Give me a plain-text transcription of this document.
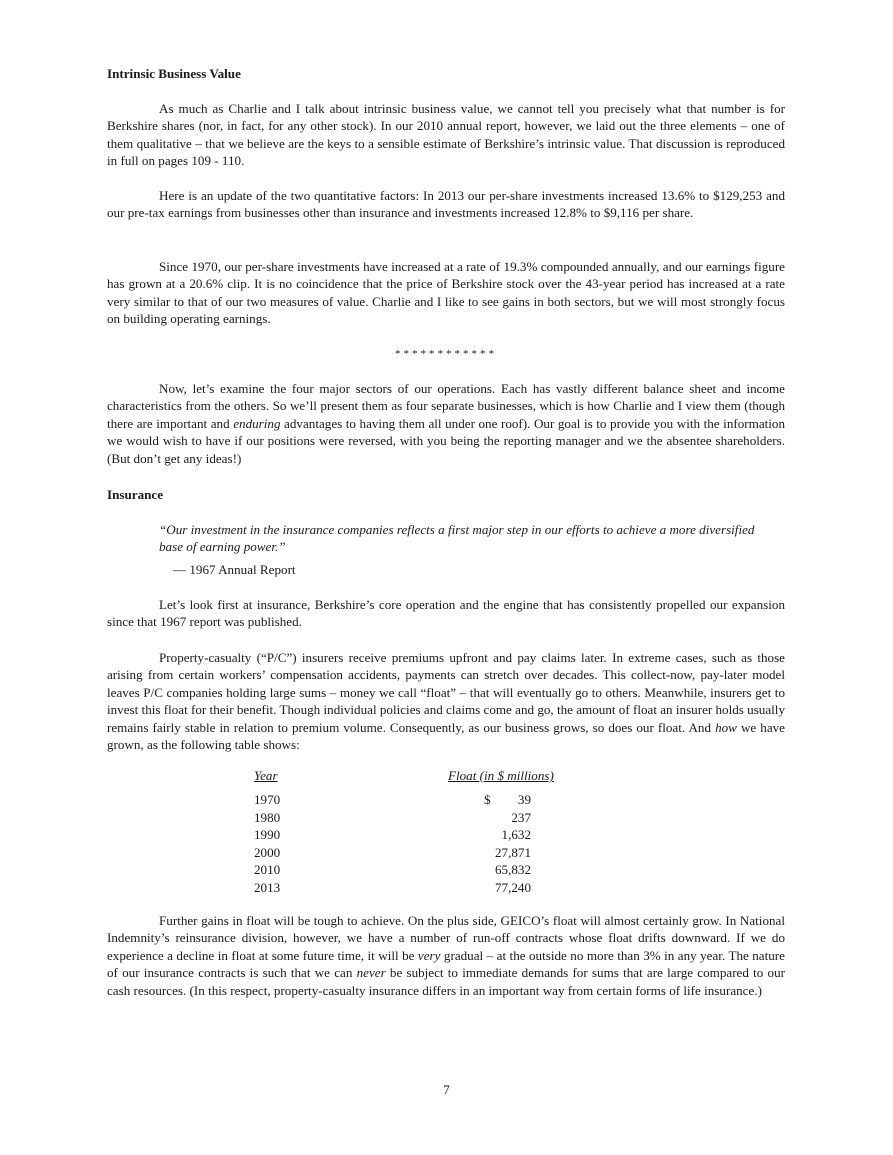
Intrinsic Business Value

As much as Charlie and I talk about intrinsic business value, we cannot tell you precisely what that number is for Berkshire shares (nor, in fact, for any other stock). In our 2010 annual report, however, we laid out the three elements – one of them qualitative – that we believe are the keys to a sensible estimate of Berkshire’s intrinsic value. That discussion is reproduced in full on pages 109 - 110.

Here is an update of the two quantitative factors: In 2013 our per-share investments increased 13.6% to $129,253 and our pre-tax earnings from businesses other than insurance and investments increased 12.8% to $9,116 per share.

Since 1970, our per-share investments have increased at a rate of 19.3% compounded annually, and our earnings figure has grown at a 20.6% clip. It is no coincidence that the price of Berkshire stock over the 43-year period has increased at a rate very similar to that of our two measures of value. Charlie and I like to see gains in both sectors, but we will most strongly focus on building operating earnings.

************

Now, let’s examine the four major sectors of our operations. Each has vastly different balance sheet and income characteristics from the others. So we’ll present them as four separate businesses, which is how Charlie and I view them (though there are important and enduring advantages to having them all under one roof). Our goal is to provide you with the information we would wish to have if our positions were reversed, with you being the reporting manager and we the absentee shareholders. (But don’t get any ideas!)

Insurance

“Our investment in the insurance companies reflects a first major step in our efforts to achieve a more diversified base of earning power.”

— 1967 Annual Report

Let’s look first at insurance, Berkshire’s core operation and the engine that has consistently propelled our expansion since that 1967 report was published.

Property-casualty (“P/C”) insurers receive premiums upfront and pay claims later. In extreme cases, such as those arising from certain workers’ compensation accidents, payments can stretch over decades. This collect-now, pay-later model leaves P/C companies holding large sums – money we call “float” – that will eventually go to others. Meanwhile, insurers get to invest this float for their benefit. Though individual policies and claims come and go, the amount of float an insurer holds usually remains fairly stable in relation to premium volume. Consequently, as our business grows, so does our float. And how we have grown, as the following table shows:

Year	Float (in $ millions)
1970	$ 39
1980	237
1990	1,632
2000	27,871
2010	65,832
2013	77,240

Further gains in float will be tough to achieve. On the plus side, GEICO’s float will almost certainly grow. In National Indemnity’s reinsurance division, however, we have a number of run-off contracts whose float drifts downward. If we do experience a decline in float at some future time, it will be very gradual – at the outside no more than 3% in any year. The nature of our insurance contracts is such that we can never be subject to immediate demands for sums that are large compared to our cash resources. (In this respect, property-casualty insurance differs in an important way from certain forms of life insurance.)

7
